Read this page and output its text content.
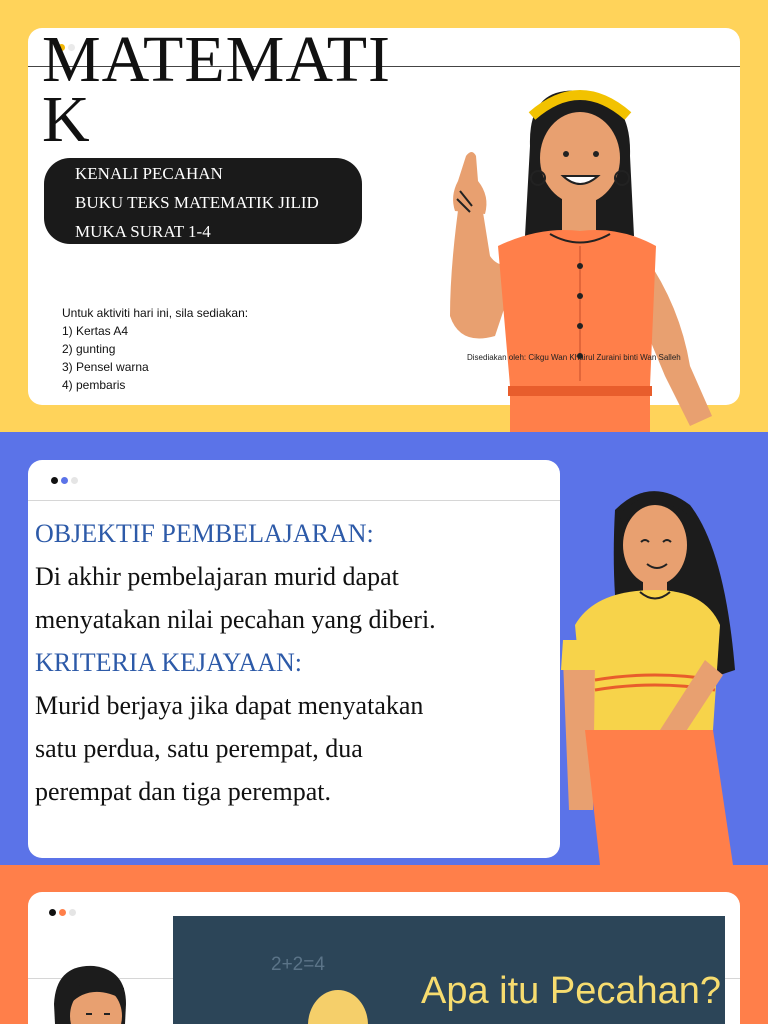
MATEMATIK
KENALI PECAHAN
BUKU TEKS MATEMATIK JILID
MUKA SURAT 1-4
Untuk aktiviti hari ini, sila sediakan:
1) Kertas A4
2) gunting
3) Pensel warna
4) pembaris
Disediakan oleh: Cikgu Wan Khairul Zuraini binti Wan Salleh
OBJEKTIF PEMBELAJARAN:
Di akhir pembelajaran murid dapat
menyatakan nilai pecahan yang diberi.
KRITERIA KEJAYAAN:
Murid berjaya jika dapat menyatakan
satu perdua, satu perempat, dua
perempat dan tiga perempat.
2+2=4
Apa itu Pecahan?
